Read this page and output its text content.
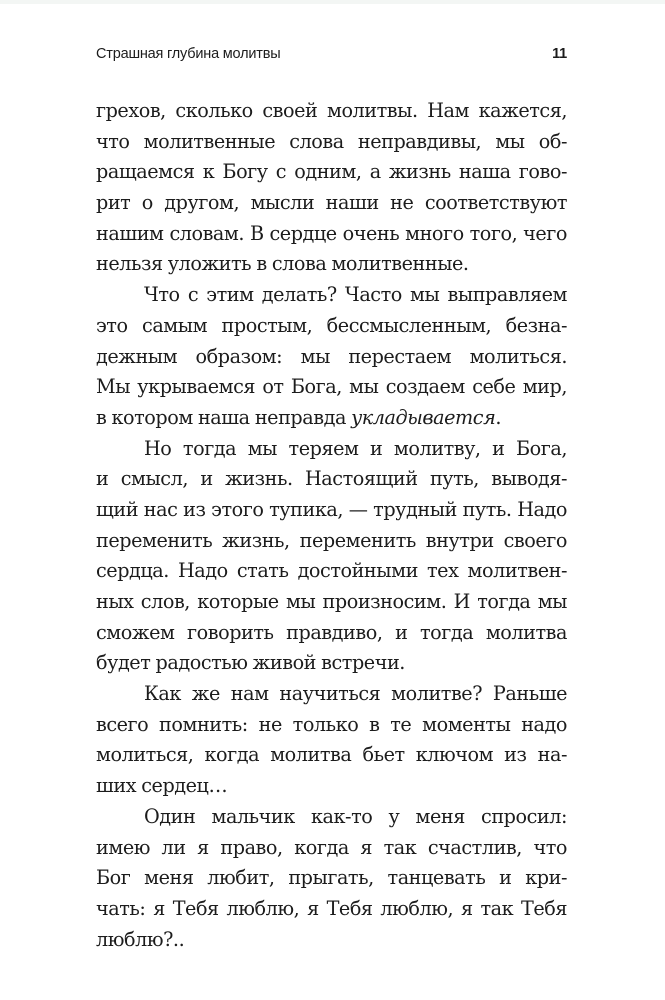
Страшная глубина молитвы	11
грехов, сколько своей молитвы. Нам кажется,
что молитвенные слова неправдивы, мы об-
ращаемся к Богу с одним, а жизнь наша гово-
рит о другом, мысли наши не соответствуют
нашим словам. В сердце очень много того, чего
нельзя уложить в слова молитвенные.
Что с этим делать? Часто мы выправляем
это самым простым, бессмысленным, безна-
дежным образом: мы перестаем молиться.
Мы укрываемся от Бога, мы создаем себе мир,
в котором наша неправда укладывается.
Но тогда мы теряем и молитву, и Бога,
и смысл, и жизнь. Настоящий путь, выводя-
щий нас из этого тупика, — трудный путь. Надо
переменить жизнь, переменить внутри своего
сердца. Надо стать достойными тех молитвен-
ных слов, которые мы произносим. И тогда мы
сможем говорить правдиво, и тогда молитва
будет радостью живой встречи.
Как же нам научиться молитве? Раньше
всего помнить: не только в те моменты надо
молиться, когда молитва бьет ключом из на-
ших сердец…
Один мальчик как-то у меня спросил:
имею ли я право, когда я так счастлив, что
Бог меня любит, прыгать, танцевать и кри-
чать: я Тебя люблю, я Тебя люблю, я так Тебя
люблю?..
